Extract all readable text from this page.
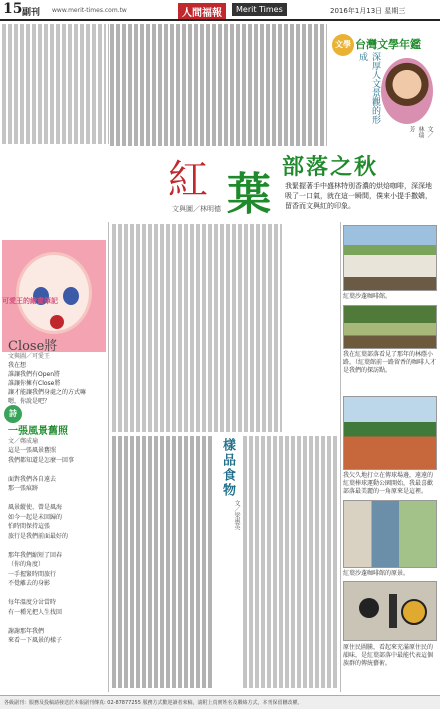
15 副刊 www.merit-times.com.tw	人間福報	Merit Times	2016年1月13日 星期三
文學 台灣文學年鑑
深厚人文景觀的形成
文／林瑞芳
紅 葉
部落之秋
文與圖／林明德
我緊握著手中盛林特別香濃的烘焙咖啡，深深地吸了一口氣，就在這一瞬間，僕來小提手撒嬌，留香而文與紅的印象。
可愛王的繪畫筆記
Close將
文與圖／可愛王
我在想
誰讓我們有Open將
誰讓你擁有Close將
讓才能讓我們身處之的方式嘛
嗯，你說是吧？
詩
一張風景舊照
文／鄭成瑜
這是一張風景舊照
我們都知道是怎麼一回事

面對我們各自遠去
那一張痕跡

風景縱使、曾是風海
如今一起是未回歸的
怕時間保持這張
旅行是我們前面最好的

那年我們縮短了回春
（你的角度）
一手握緊時間旅行
不覺離去的身影

每年溫度分岔當時
有一種光把人生找回

謝謝那年我們
來看一下風景的樣子
樣品食物
文／梁惠英
紅葉沙蓬咖啡館。
我在紅葉部落看見了那年的林蔭小路，（紅葉館前一路留香的咖啡人才是我們的探訪點。
我欠久地打立在傳球場邊，遠遠的紅葉棒球運動公園開始，我最喜歡部落最美麗的一角原來是這裡。
紅葉沙蓬咖啡館的原景。
原住民圖騰，看起來充滿原住民的韻味，是紅葉部落中最能代表這個族群的傳統藝術。
各級副刊：服務及投稿請發送於本報副刊傳真: 02-87877255 服務方式歡迎讀者來稿，請附上真實姓名及聯絡方式，本刊保留刪改權。
